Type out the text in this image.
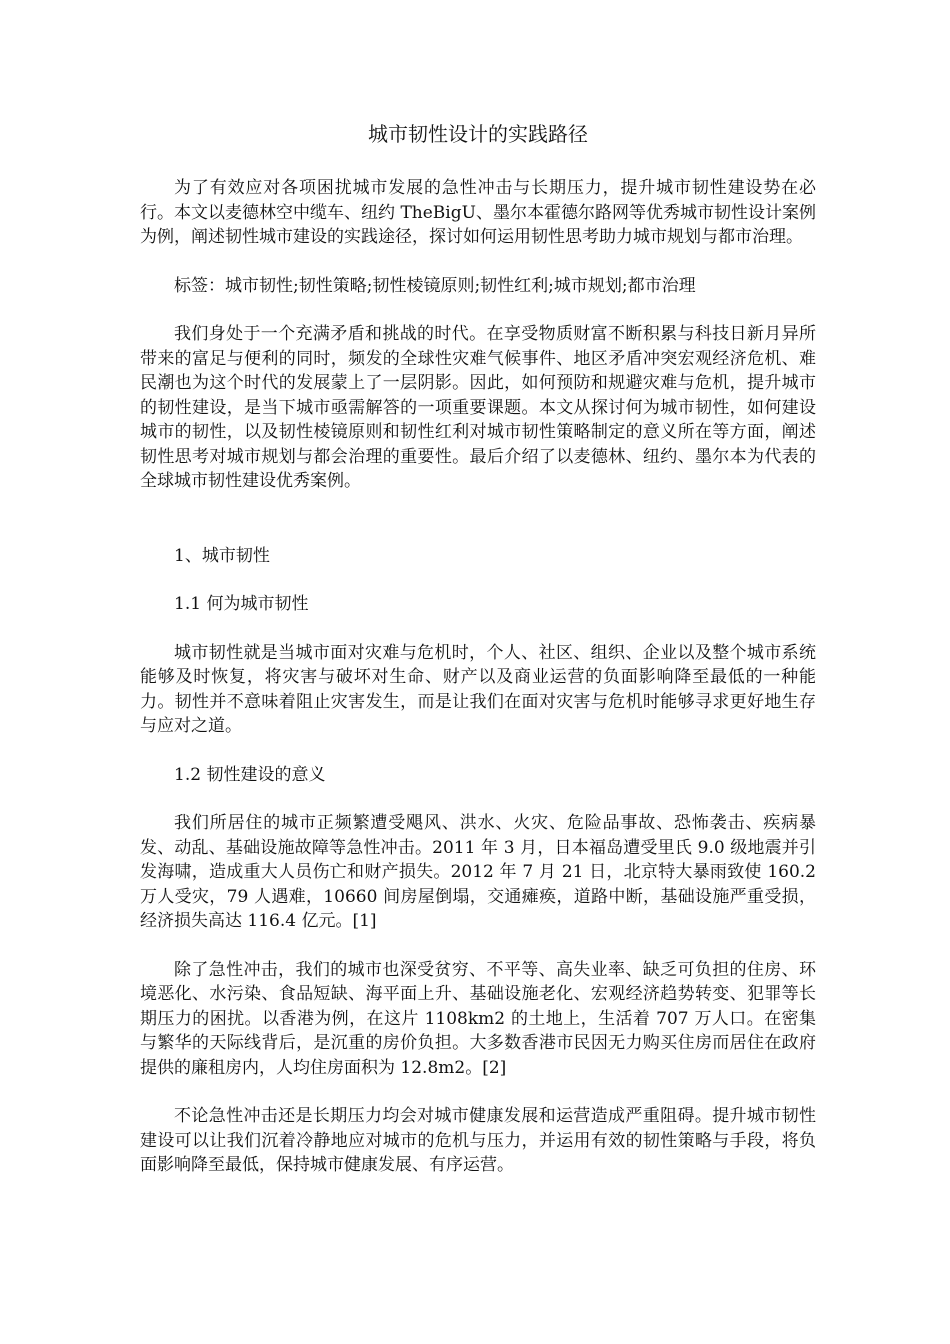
城市韧性设计的实践路径

为了有效应对各项困扰城市发展的急性冲击与长期压力，提升城市韧性建设势在必行。本文以麦德林空中缆车、纽约 TheBigU、墨尔本霍德尔路网等优秀城市韧性设计案例为例，阐述韧性城市建设的实践途径，探讨如何运用韧性思考助力城市规划与都市治理。

标签：城市韧性;韧性策略;韧性棱镜原则;韧性红利;城市规划;都市治理

我们身处于一个充满矛盾和挑战的时代。在享受物质财富不断积累与科技日新月异所带来的富足与便利的同时，频发的全球性灾难气候事件、地区矛盾冲突宏观经济危机、难民潮也为这个时代的发展蒙上了一层阴影。因此，如何预防和规避灾难与危机，提升城市的韧性建设，是当下城市亟需解答的一项重要课题。本文从探讨何为城市韧性，如何建设城市的韧性，以及韧性棱镜原则和韧性红利对城市韧性策略制定的意义所在等方面，阐述韧性思考对城市规划与都会治理的重要性。最后介绍了以麦德林、纽约、墨尔本为代表的全球城市韧性建设优秀案例。

1、城市韧性

1.1 何为城市韧性

城市韧性就是当城市面对灾难与危机时，个人、社区、组织、企业以及整个城市系统能够及时恢复，将灾害与破坏对生命、财产以及商业运营的负面影响降至最低的一种能力。韧性并不意味着阻止灾害发生，而是让我们在面对灾害与危机时能够寻求更好地生存与应对之道。

1.2 韧性建设的意义

我们所居住的城市正频繁遭受飓风、洪水、火灾、危险品事故、恐怖袭击、疾病暴发、动乱、基础设施故障等急性冲击。2011 年 3 月，日本福岛遭受里氏 9.0 级地震并引发海啸，造成重大人员伤亡和财产损失。2012 年 7 月 21 日，北京特大暴雨致使 160.2 万人受灾，79 人遇难，10660 间房屋倒塌，交通瘫痪，道路中断，基础设施严重受损，经济损失高达 116.4 亿元。[1]

除了急性冲击，我们的城市也深受贫穷、不平等、高失业率、缺乏可负担的住房、环境恶化、水污染、食品短缺、海平面上升、基础设施老化、宏观经济趋势转变、犯罪等长期压力的困扰。以香港为例，在这片 1108km2 的土地上，生活着 707 万人口。在密集与繁华的天际线背后，是沉重的房价负担。大多数香港市民因无力购买住房而居住在政府提供的廉租房内，人均住房面积为 12.8m2。[2]

不论急性冲击还是长期压力均会对城市健康发展和运营造成严重阻碍。提升城市韧性建设可以让我们沉着冷静地应对城市的危机与压力，并运用有效的韧性策略与手段，将负面影响降至最低，保持城市健康发展、有序运营。
